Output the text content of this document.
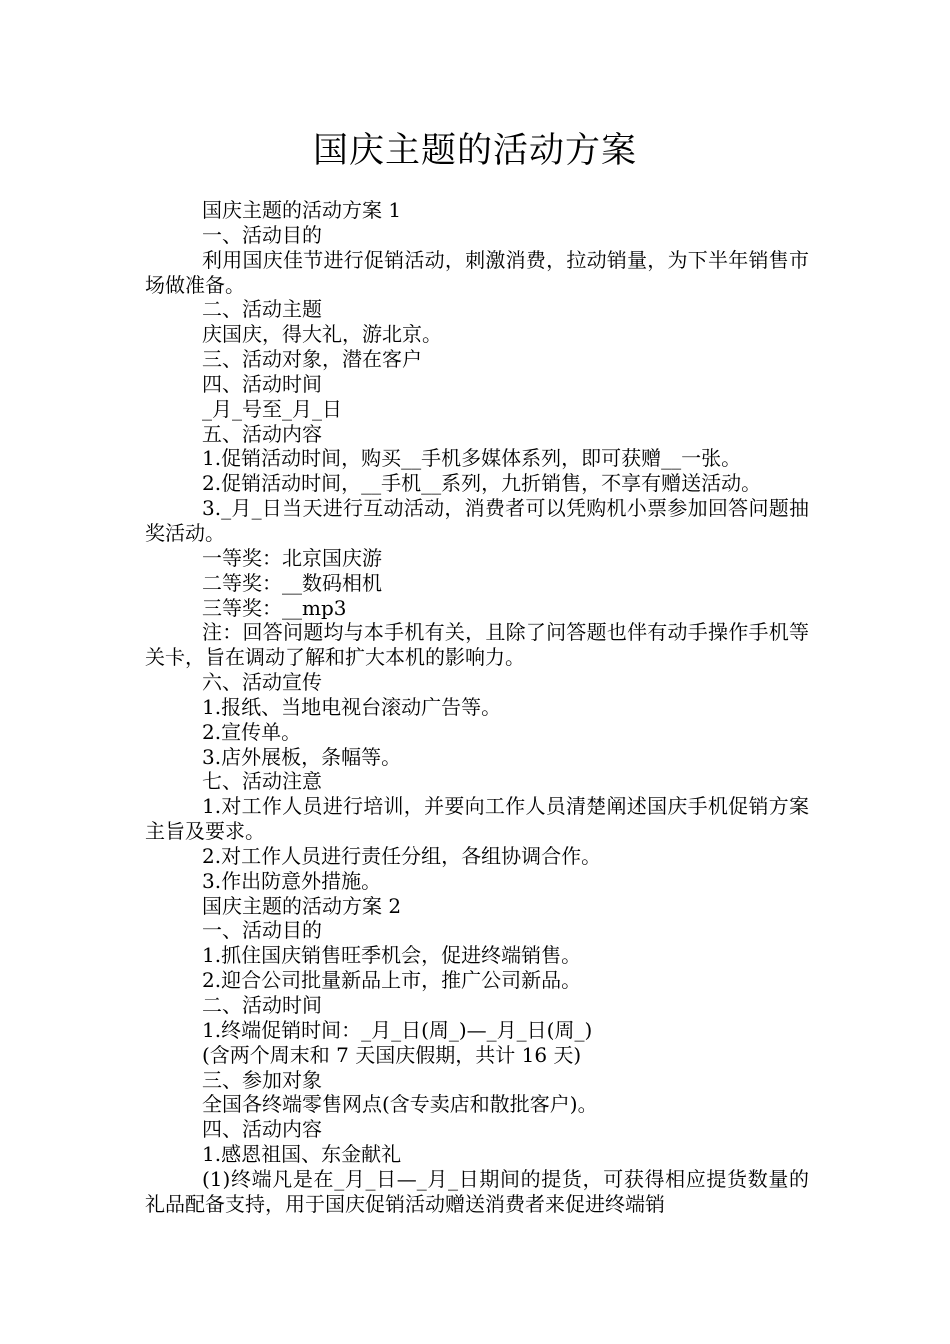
国庆主题的活动方案

国庆主题的活动方案 1

一、活动目的

利用国庆佳节进行促销活动，刺激消费，拉动销量，为下半年销售市场做准备。

二、活动主题

庆国庆，得大礼，游北京。

三、活动对象，潜在客户

四、活动时间

_月_号至_月_日

五、活动内容

1.促销活动时间，购买__手机多媒体系列，即可获赠__一张。

2.促销活动时间，__手机__系列，九折销售，不享有赠送活动。

3._月_日当天进行互动活动，消费者可以凭购机小票参加回答问题抽奖活动。

一等奖：北京国庆游

二等奖：__数码相机

三等奖：__mp3

注：回答问题均与本手机有关，且除了问答题也伴有动手操作手机等关卡，旨在调动了解和扩大本机的影响力。

六、活动宣传

1.报纸、当地电视台滚动广告等。

2.宣传单。

3.店外展板，条幅等。

七、活动注意

1.对工作人员进行培训，并要向工作人员清楚阐述国庆手机促销方案主旨及要求。

2.对工作人员进行责任分组，各组协调合作。

3.作出防意外措施。

国庆主题的活动方案 2

一、活动目的

1.抓住国庆销售旺季机会，促进终端销售。

2.迎合公司批量新品上市，推广公司新品。

二、活动时间

1.终端促销时间：_月_日(周_)—_月_日(周_)

(含两个周末和 7 天国庆假期，共计 16 天)

三、参加对象

全国各终端零售网点(含专卖店和散批客户)。

四、活动内容

1.感恩祖国、东金献礼

(1)终端凡是在_月_日—_月_日期间的提货，可获得相应提货数量的礼品配备支持，用于国庆促销活动赠送消费者来促进终端销
